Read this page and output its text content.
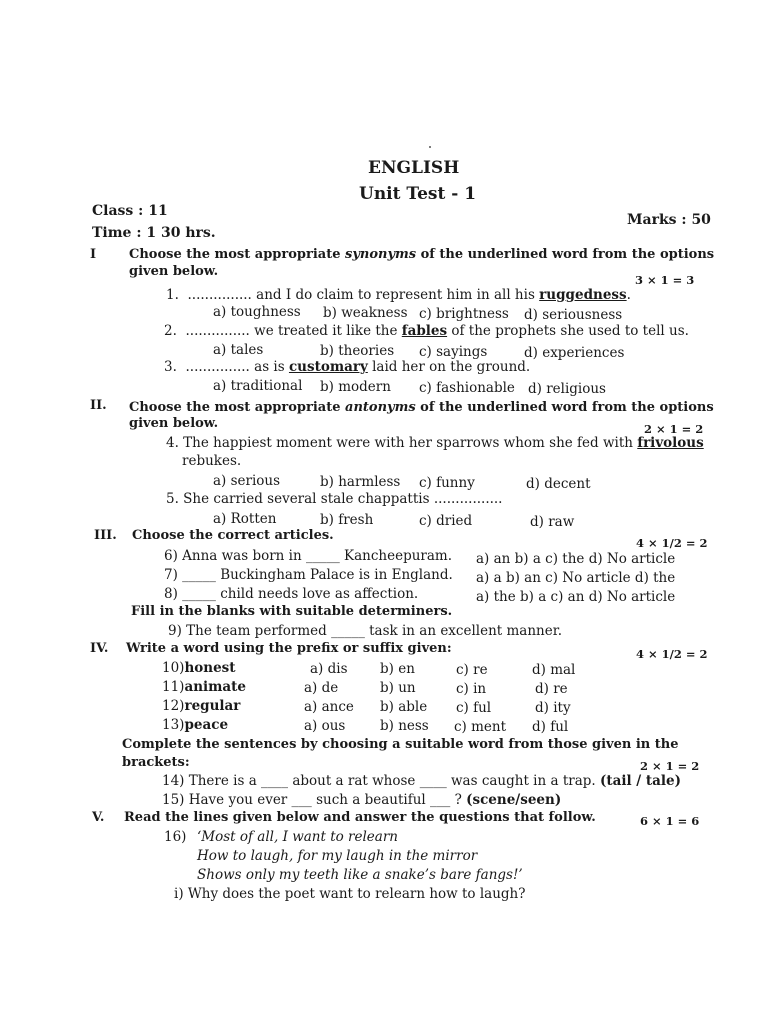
ENGLISH
Unit Test - 1
Class : 11
Marks : 50
Time : 1 30 hrs.
I	Choose the most appropriate synonyms of the underlined word from the options
given below.
3 × 1 = 3
1. ............... and I do claim to represent him in all his ruggedness.
a) toughness b) weakness c) brightness d) seriousness
2. ............... we treated it like the fables of the prophets she used to tell us.
a) tales	b) theories c) sayings	d) experiences
3. ............... as is customary laid her on the ground.
a) traditional b) modern c) fashionable d) religious
II. Choose the most appropriate antonyms of the underlined word from the options
given below.	2 × 1 = 2
4. The happiest moment were with her sparrows whom she fed with frivolous
rebukes.
a) serious	b) harmless c) funny	d) decent
5. She carried several stale chappattis ................
a) Rotten	b) fresh	c) dried	d) raw
III. Choose the correct articles.	4 × 1/2 = 2
6) Anna was born in _____ Kancheepuram. a) an b) a c) the d) No article
7) _____ Buckingham Palace is in England. a) a b) an c) No article d) the
8) _____ child needs love as affection.	a) the b) a c) an d) No article
Fill in the blanks with suitable determiners.
9) The team performed _____ task in an excellent manner.
IV. Write a word using the prefix or suffix given:	4 × 1/2 = 2
10)honest	a) dis b) en	c) re	d) mal
11)animate	a) de	b) un	c) in	d) re
12)regular	a) ance b) able c) ful	d) ity
13)peace	a) ous	b) ness c) ment d) ful
Complete the sentences by choosing a suitable word from those given in the
brackets:	2 × 1 = 2
14) There is a ____ about a rat whose ____ was caught in a trap. (tail / tale)
15) Have you ever ___ such a beautiful ___ ? (scene/seen)
V. Read the lines given below and answer the questions that follow.	6 × 1 = 6
16) ‘Most of all, I want to relearn
How to laugh, for my laugh in the mirror
Shows only my teeth like a snake’s bare fangs!’
i) Why does the poet want to relearn how to laugh?
